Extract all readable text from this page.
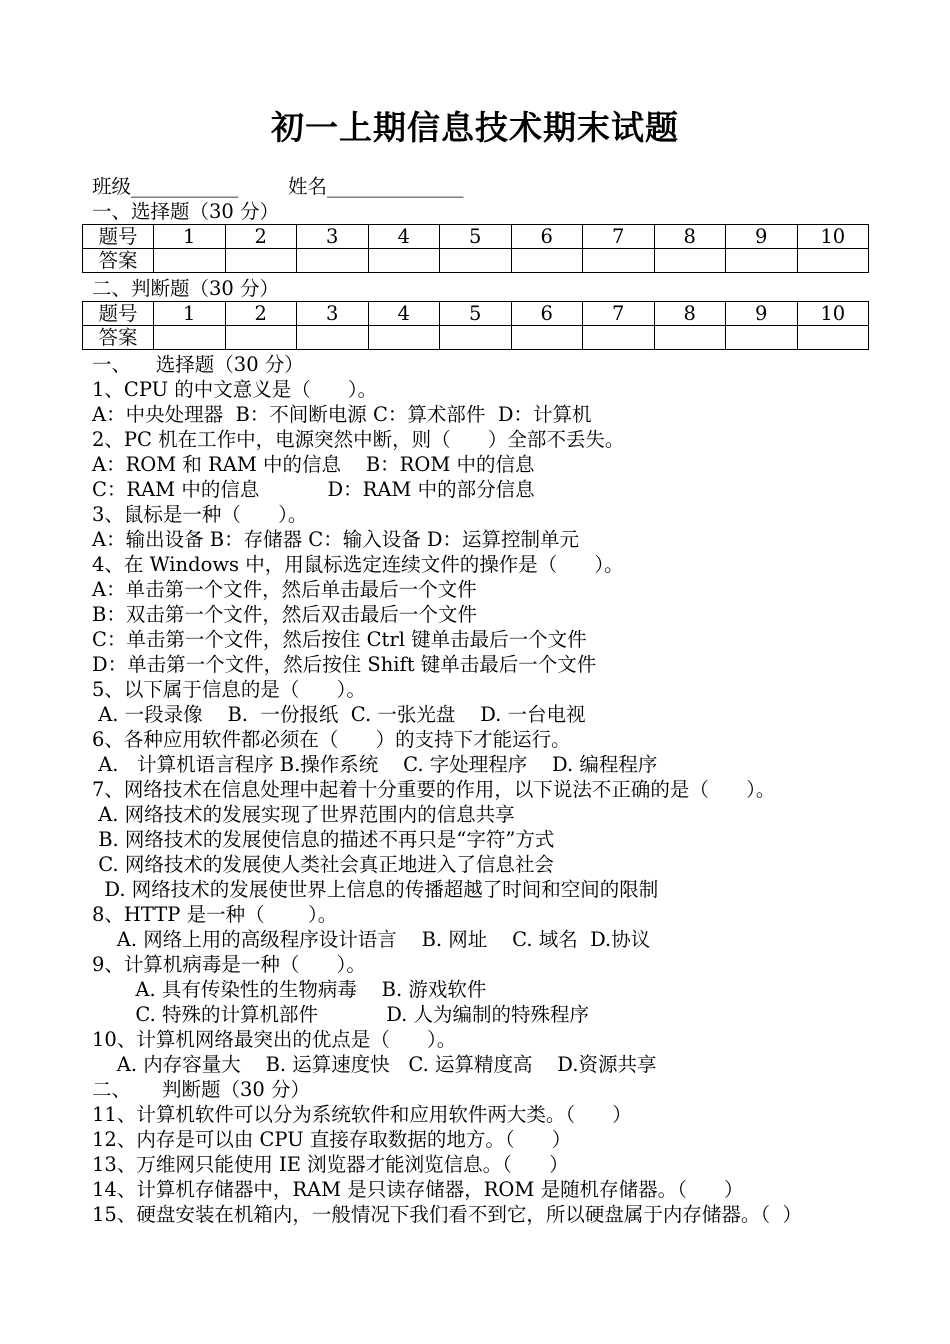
初一上期信息技术期末试题
班级___________	姓名______________
一、选择题（30 分）
题号	1	2	3	4	5	6	7	8	9	10
答案										
二、判断题（30 分）
题号	1	2	3	4	5	6	7	8	9	10
答案										
一、    选择题（30 分）
1、CPU 的中文意义是（      ）。
A：中央处理器  B：不间断电源 C：算术部件  D：计算机
2、PC 机在工作中，电源突然中断，则（      ）全部不丢失。
A：ROM 和 RAM 中的信息    B：ROM 中的信息
C：RAM 中的信息           D：RAM 中的部分信息
3、鼠标是一种（      ）。
A：输出设备 B：存储器 C：输入设备 D：运算控制单元
4、在 Windows 中，用鼠标选定连续文件的操作是（      ）。
A：单击第一个文件，然后单击最后一个文件
B：双击第一个文件，然后双击最后一个文件
C：单击第一个文件，然后按住 Ctrl 键单击最后一个文件
D：单击第一个文件，然后按住 Shift 键单击最后一个文件
5、以下属于信息的是（      ）。
A. 一段录像    B.  一份报纸  C. 一张光盘    D. 一台电视
6、各种应用软件都必须在（      ）的支持下才能运行。
A.   计算机语言程序 B.操作系统    C. 字处理程序    D. 编程程序
7、网络技术在信息处理中起着十分重要的作用，以下说法不正确的是（      ）。
A. 网络技术的发展实现了世界范围内的信息共享
B. 网络技术的发展使信息的描述不再只是“字符”方式
C. 网络技术的发展使人类社会真正地进入了信息社会
D. 网络技术的发展使世界上信息的传播超越了时间和空间的限制
8、HTTP 是一种（       ）。
A. 网络上用的高级程序设计语言    B. 网址    C. 域名  D.协议
9、计算机病毒是一种（      ）。
A. 具有传染性的生物病毒    B. 游戏软件
C. 特殊的计算机部件           D. 人为编制的特殊程序
10、计算机网络最突出的优点是（      ）。
A. 内存容量大    B. 运算速度快   C. 运算精度高    D.资源共享
二、     判断题（30 分）
11、计算机软件可以分为系统软件和应用软件两大类。（      ）
12、内存是可以由 CPU 直接存取数据的地方。（      ）
13、万维网只能使用 IE 浏览器才能浏览信息。（      ）
14、计算机存储器中，RAM 是只读存储器，ROM 是随机存储器。（      ）
15、硬盘安装在机箱内，一般情况下我们看不到它，所以硬盘属于内存储器。（  ）
